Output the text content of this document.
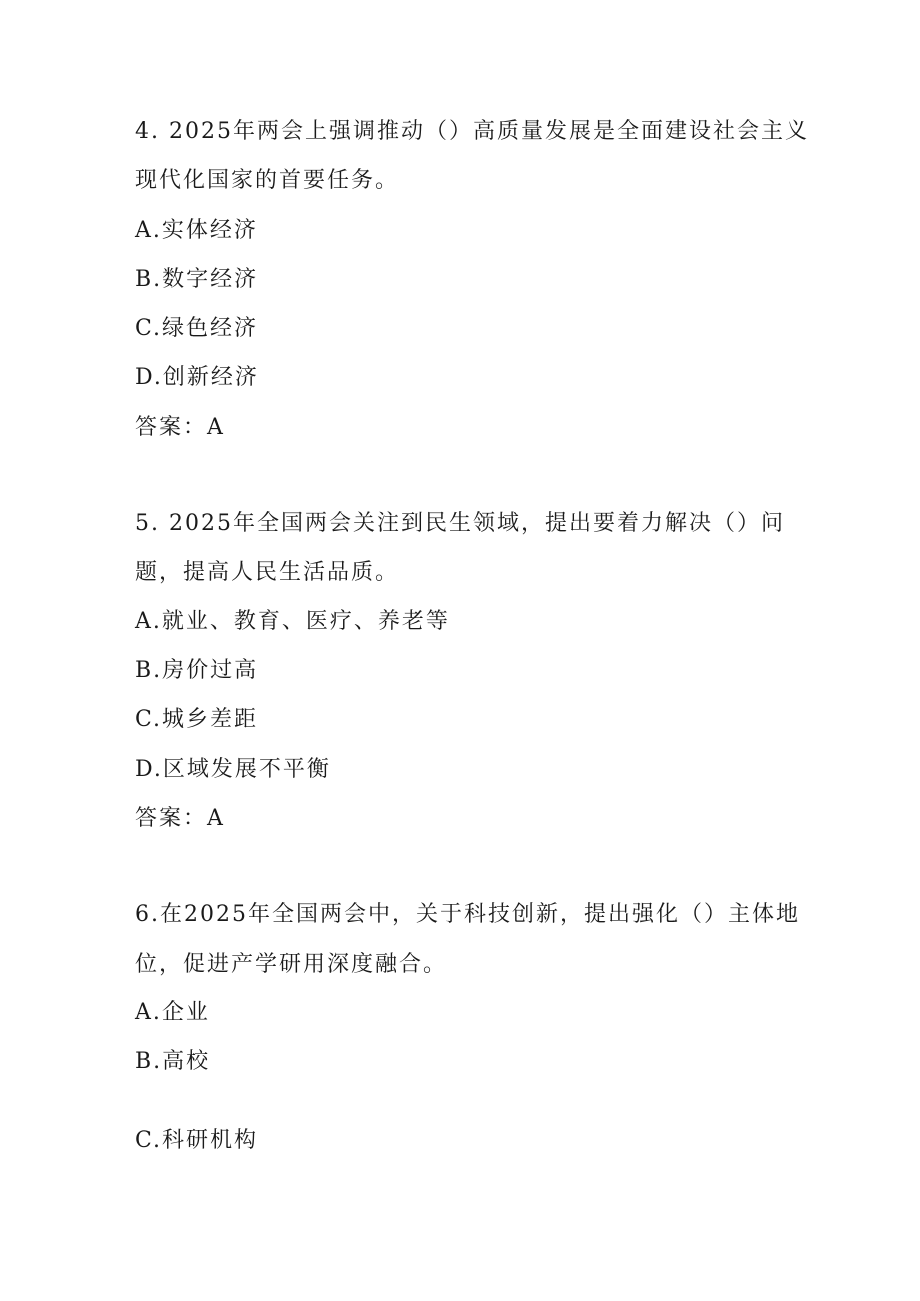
4. 2025年两会上强调推动（）高质量发展是全面建设社会主义
现代化国家的首要任务。
A.实体经济
B.数字经济
C.绿色经济
D.创新经济
答案：A
5. 2025年全国两会关注到民生领域，提出要着力解决（）问
题，提高人民生活品质。
A.就业、教育、医疗、养老等
B.房价过高
C.城乡差距
D.区域发展不平衡
答案：A
6.在2025年全国两会中，关于科技创新，提出强化（）主体地
位，促进产学研用深度融合。
A.企业
B.高校
C.科研机构
